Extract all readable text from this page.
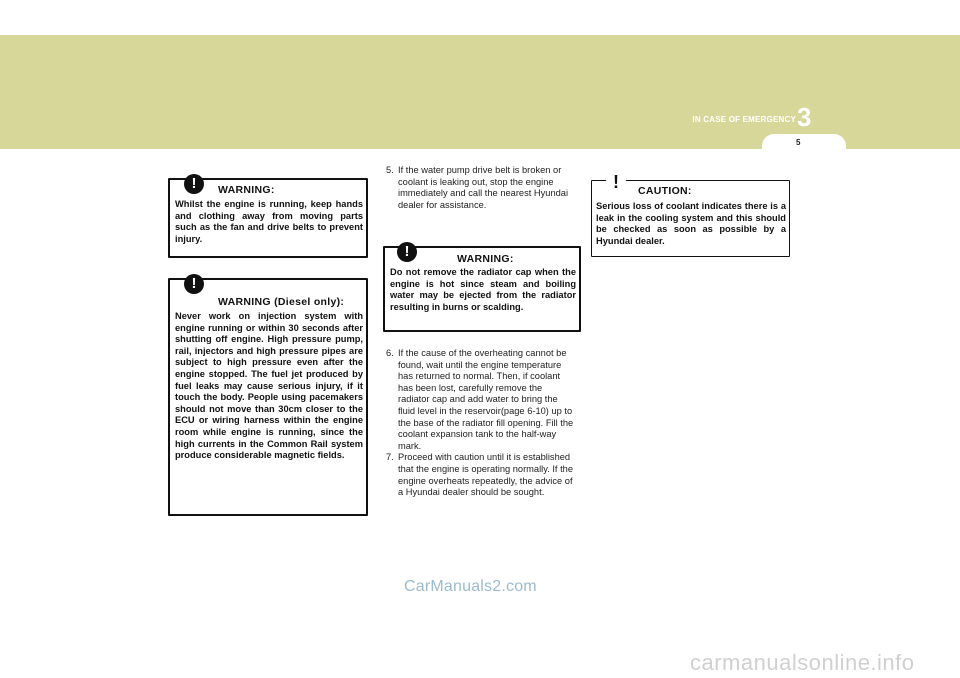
IN CASE OF EMERGENCY 3
5
!	WARNING:
Whilst the engine is running, keep hands and clothing away from moving parts such as the fan and drive belts to prevent injury.
!
WARNING (Diesel only):
Never work on injection system with engine running or within 30 seconds after shutting off engine. High pressure pump, rail, injectors and high pressure pipes are subject to high pressure even after the engine stopped. The fuel jet produced by fuel leaks may cause serious injury, if it touch the body. People using pacemakers should not move than 30cm closer to the ECU or wiring harness within the engine room while engine is running, since the high currents in the Common Rail system produce considerable magnetic fields.

5. If the water pump drive belt is broken or coolant is leaking out, stop the engine immediately and call the nearest Hyundai dealer for assistance.

!	WARNING:
Do not remove the radiator cap when the engine is hot since steam and boiling water may be ejected from the radiator resulting in burns or scalding.

6. If the cause of the overheating cannot be found, wait until the engine temperature has returned to normal. Then, if coolant has been lost, carefully remove the radiator cap and add water to bring the fluid level in the reservoir(page 6-10) up to the base of the radiator fill opening. Fill the coolant expansion tank to the half-way mark.

7. Proceed with caution until it is established that the engine is operating normally. If the engine overheats repeatedly, the advice of a Hyundai dealer should be sought.

! CAUTION:
Serious loss of coolant indicates there is a leak in the cooling system and this should be checked as soon as possible by a Hyundai dealer.
CarManuals2.com
carmanualsonline.info
